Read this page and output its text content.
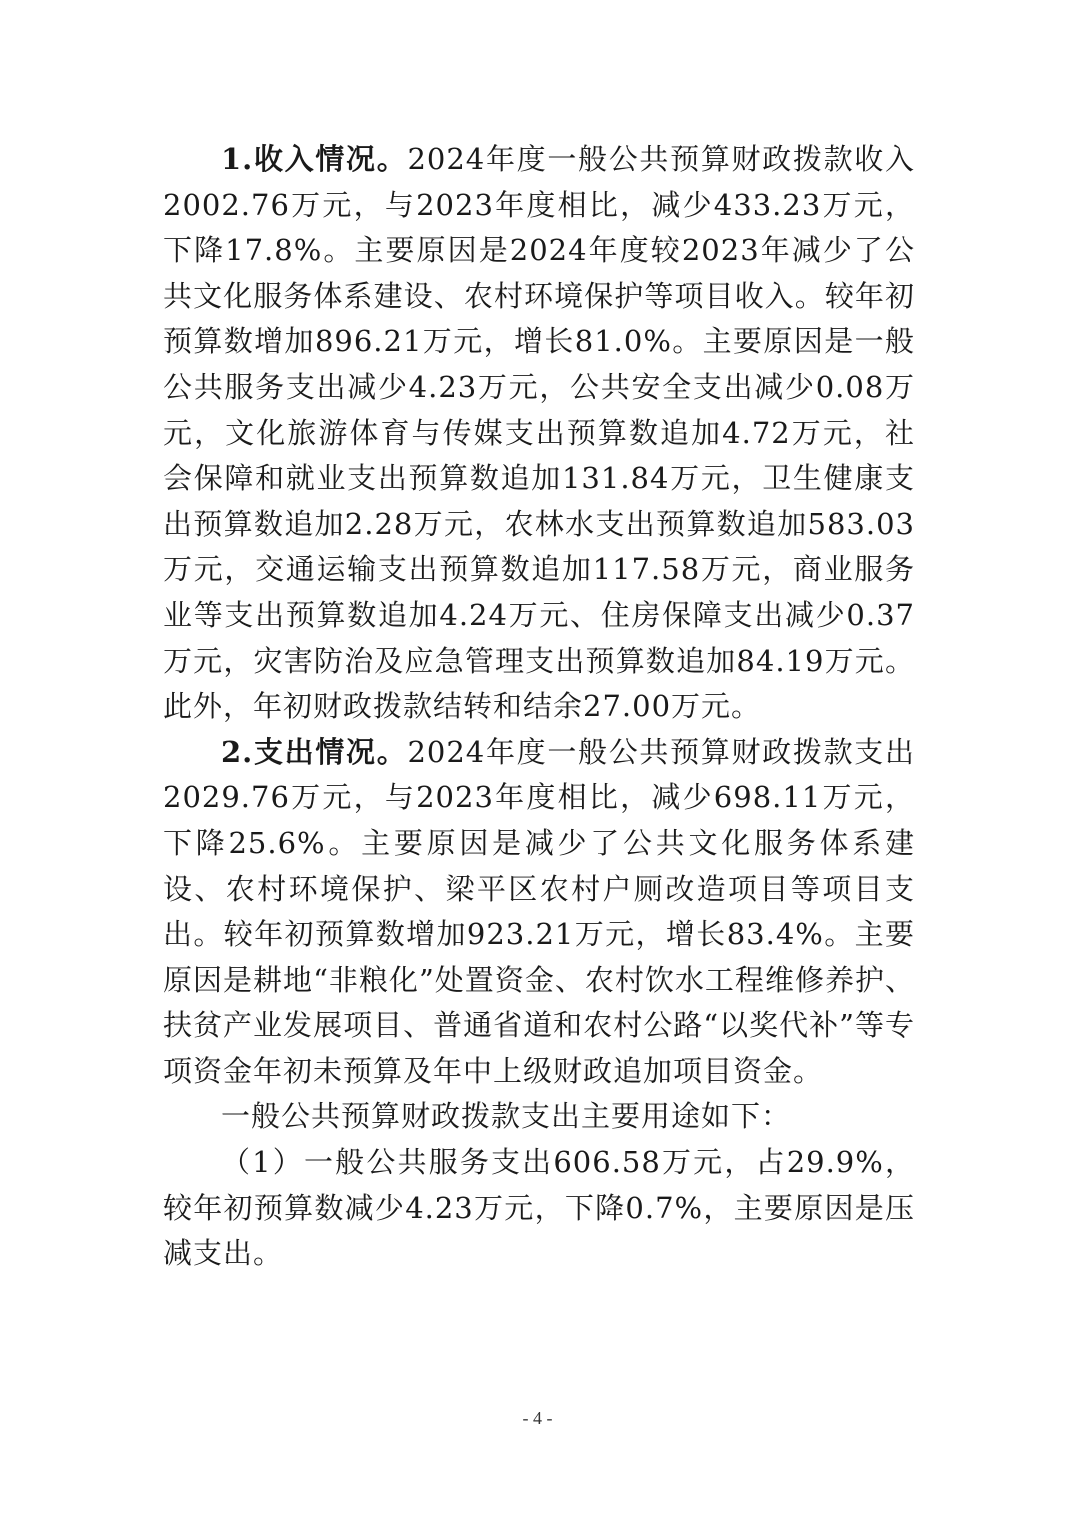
1.收入情况。2024年度一般公共预算财政拨款收入2002.76万元，与2023年度相比，减少433.23万元，下降17.8%。主要原因是2024年度较2023年减少了公共文化服务体系建设、农村环境保护等项目收入。较年初预算数增加896.21万元，增长81.0%。主要原因是一般公共服务支出减少4.23万元，公共安全支出减少0.08万元，文化旅游体育与传媒支出预算数追加4.72万元，社会保障和就业支出预算数追加131.84万元，卫生健康支出预算数追加2.28万元，农林水支出预算数追加583.03万元，交通运输支出预算数追加117.58万元，商业服务业等支出预算数追加4.24万元、住房保障支出减少0.37万元，灾害防治及应急管理支出预算数追加84.19万元。此外，年初财政拨款结转和结余27.00万元。

2.支出情况。2024年度一般公共预算财政拨款支出2029.76万元，与2023年度相比，减少698.11万元，下降25.6%。主要原因是减少了公共文化服务体系建设、农村环境保护、梁平区农村户厕改造项目等项目支出。较年初预算数增加923.21万元，增长83.4%。主要原因是耕地“非粮化”处置资金、农村饮水工程维修养护、扶贫产业发展项目、普通省道和农村公路“以奖代补”等专项资金年初未预算及年中上级财政追加项目资金。

一般公共预算财政拨款支出主要用途如下：

（1）一般公共服务支出606.58万元，占29.9%，较年初预算数减少4.23万元，下降0.7%，主要原因是压减支出。

- 4 -
